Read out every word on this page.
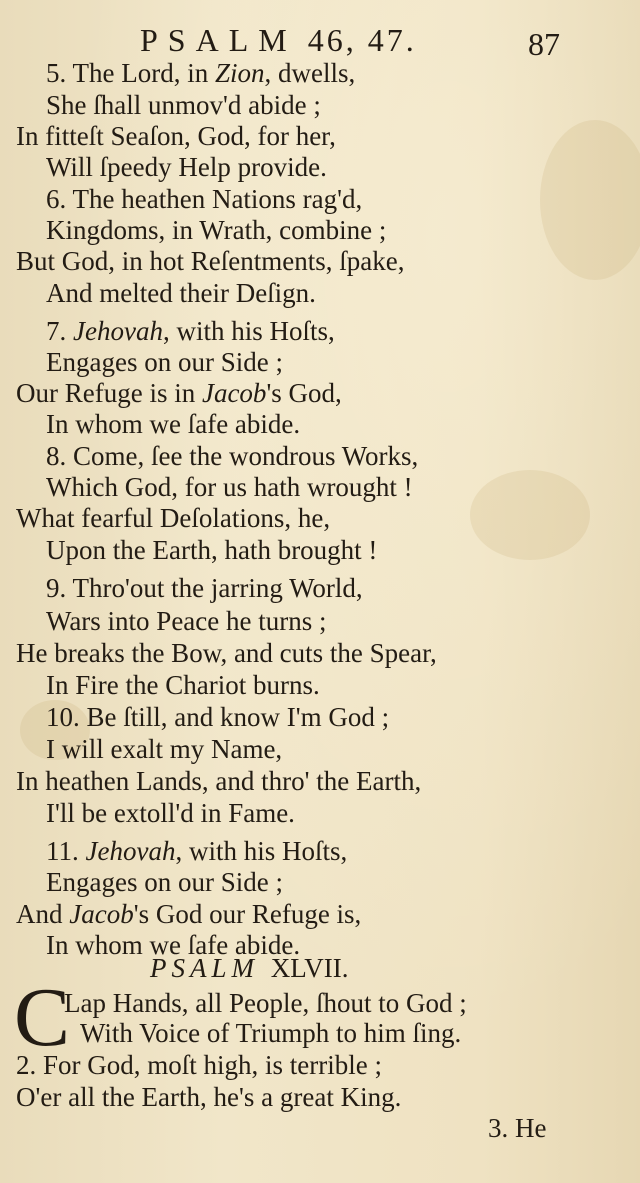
PSALM 46, 47.	87
5. The Lord, in Zion, dwells,
She ſhall unmov'd abide ;
In fitteſt Seaſon, God, for her,
Will ſpeedy Help provide.
6. The heathen Nations rag'd,
Kingdoms, in Wrath, combine ;
But God, in hot Reſentments, ſpake,
And melted their Deſign.
7. Jehovah, with his Hoſts,
Engages on our Side ;
Our Refuge is in Jacob's God,
In whom we ſafe abide.
8. Come, ſee the wondrous Works,
Which God, for us hath wrought !
What fearful Deſolations, he,
Upon the Earth, hath brought !
9. Thro'out the jarring World,
Wars into Peace he turns ;
He breaks the Bow, and cuts the Spear,
In Fire the Chariot burns.
10. Be ſtill, and know I'm God ;
I will exalt my Name,
In heathen Lands, and thro' the Earth,
I'll be extoll'd in Fame.
11. Jehovah, with his Hoſts,
Engages on our Side ;
And Jacob's God our Refuge is,
In whom we ſafe abide.
PSALM XLVII.
C
Lap Hands, all People, ſhout to God ;
With Voice of Triumph to him ſing.
2. For God, moſt high, is terrible ;
O'er all the Earth, he's a great King.
3. He
